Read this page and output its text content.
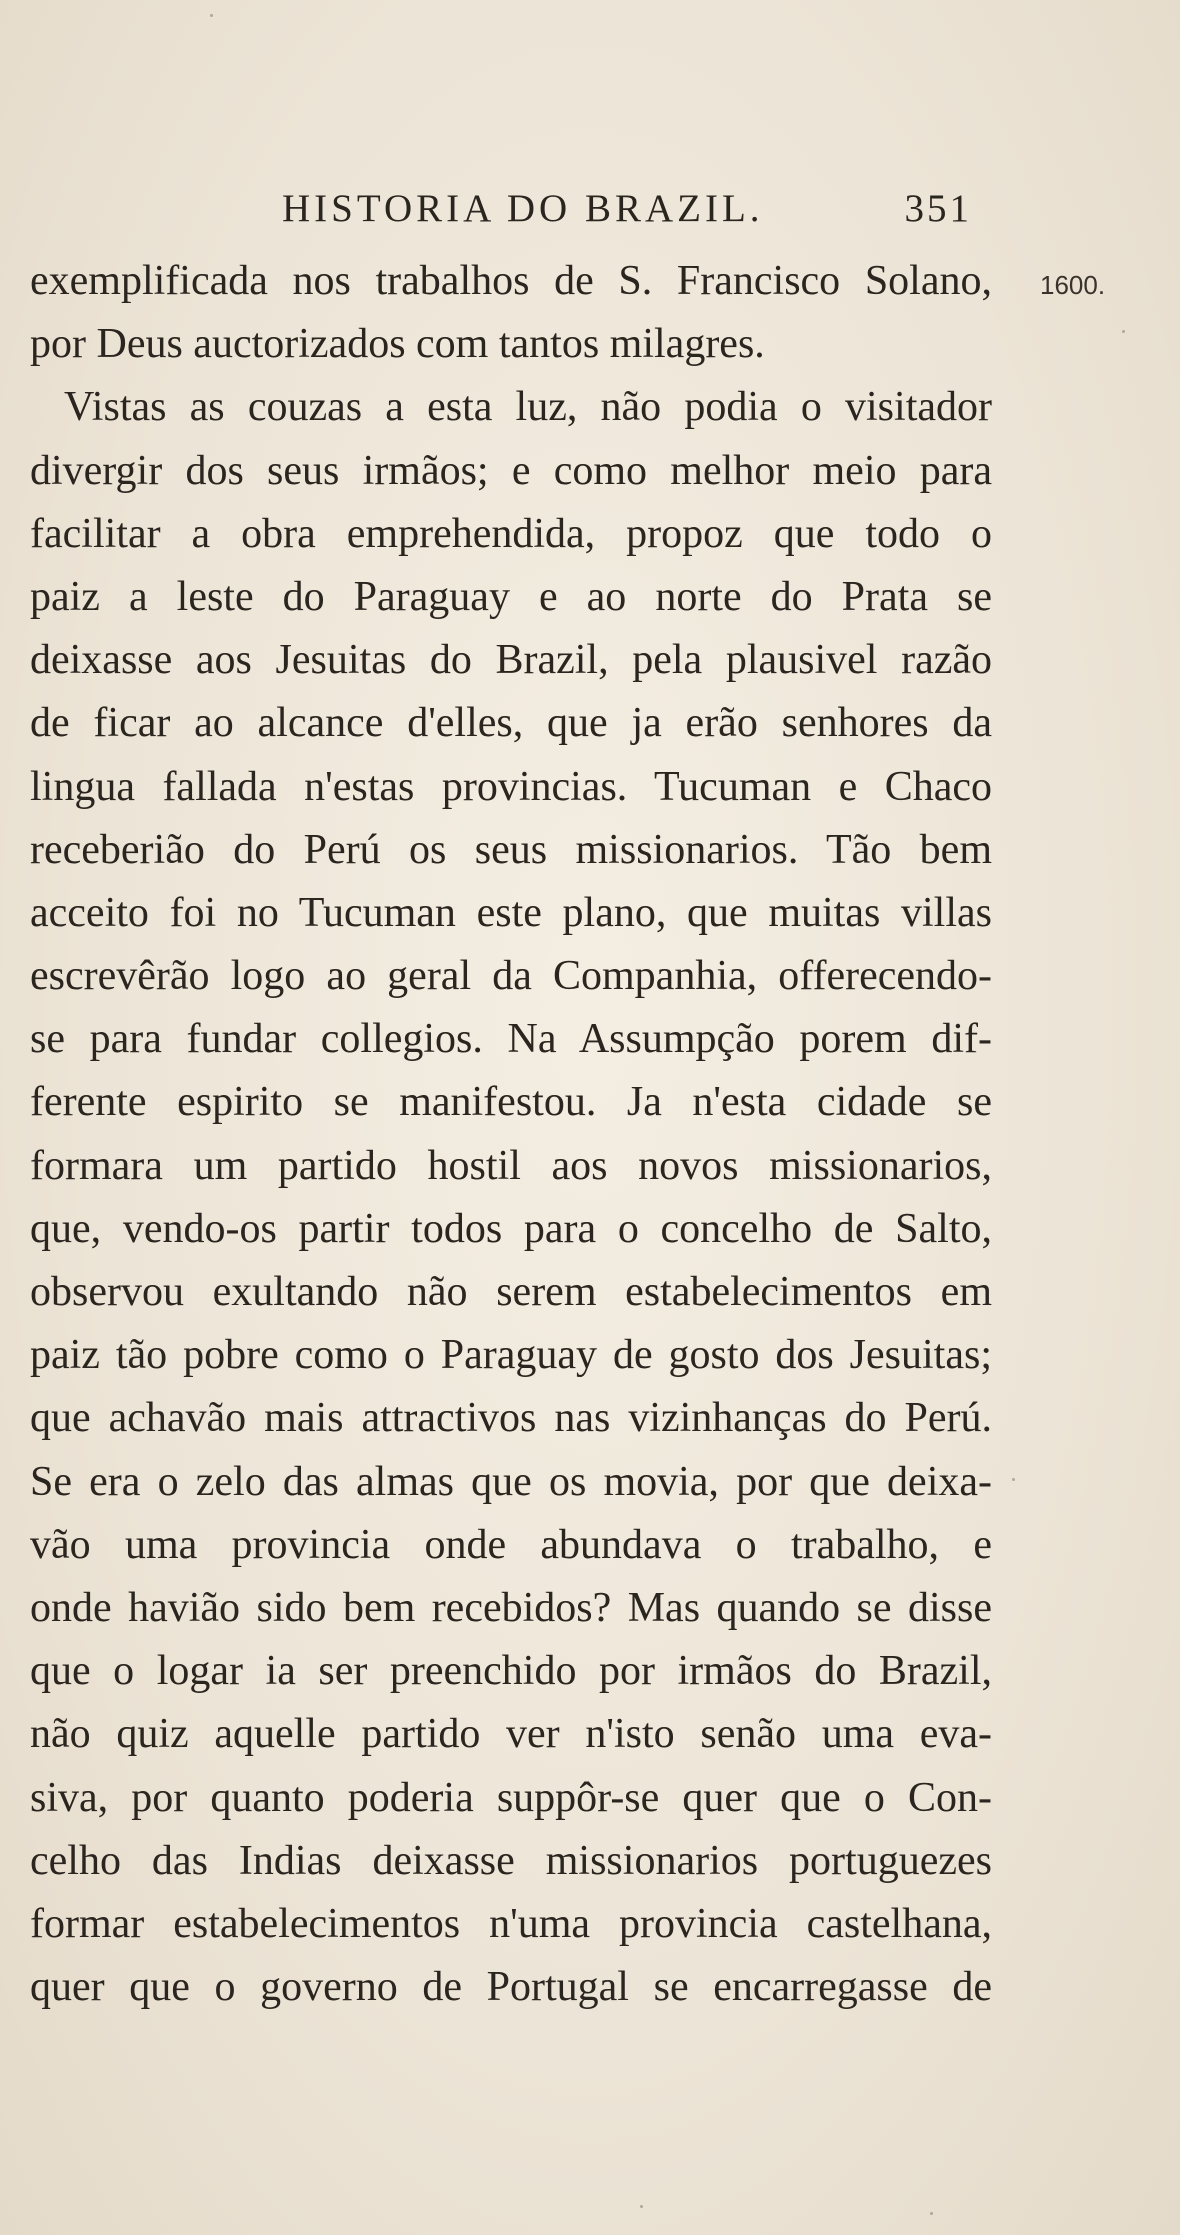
HISTORIA DO BRAZIL.	351
1600.
exemplificada nos trabalhos de S. Francisco Solano,
por Deus auctorizados com tantos milagres.
Vistas as couzas a esta luz, não podia o visitador
divergir dos seus irmãos; e como melhor meio para
facilitar a obra emprehendida, propoz que todo o
paiz a leste do Paraguay e ao norte do Prata se
deixasse aos Jesuitas do Brazil, pela plausivel razão
de ficar ao alcance d'elles, que ja erão senhores da
lingua fallada n'estas provincias. Tucuman e Chaco
receberião do Perú os seus missionarios. Tão bem
acceito foi no Tucuman este plano, que muitas villas
escrevêrão logo ao geral da Companhia, offerecendo-
se para fundar collegios. Na Assumpção porem dif-
ferente espirito se manifestou. Ja n'esta cidade se
formara um partido hostil aos novos missionarios,
que, vendo-os partir todos para o concelho de Salto,
observou exultando não serem estabelecimentos em
paiz tão pobre como o Paraguay de gosto dos Jesuitas;
que achavão mais attractivos nas vizinhanças do Perú.
Se era o zelo das almas que os movia, por que deixa-
vão uma provincia onde abundava o trabalho, e
onde havião sido bem recebidos? Mas quando se disse
que o logar ia ser preenchido por irmãos do Brazil,
não quiz aquelle partido ver n'isto senão uma eva-
siva, por quanto poderia suppôr-se quer que o Con-
celho das Indias deixasse missionarios portuguezes
formar estabelecimentos n'uma provincia castelhana,
quer que o governo de Portugal se encarregasse de
